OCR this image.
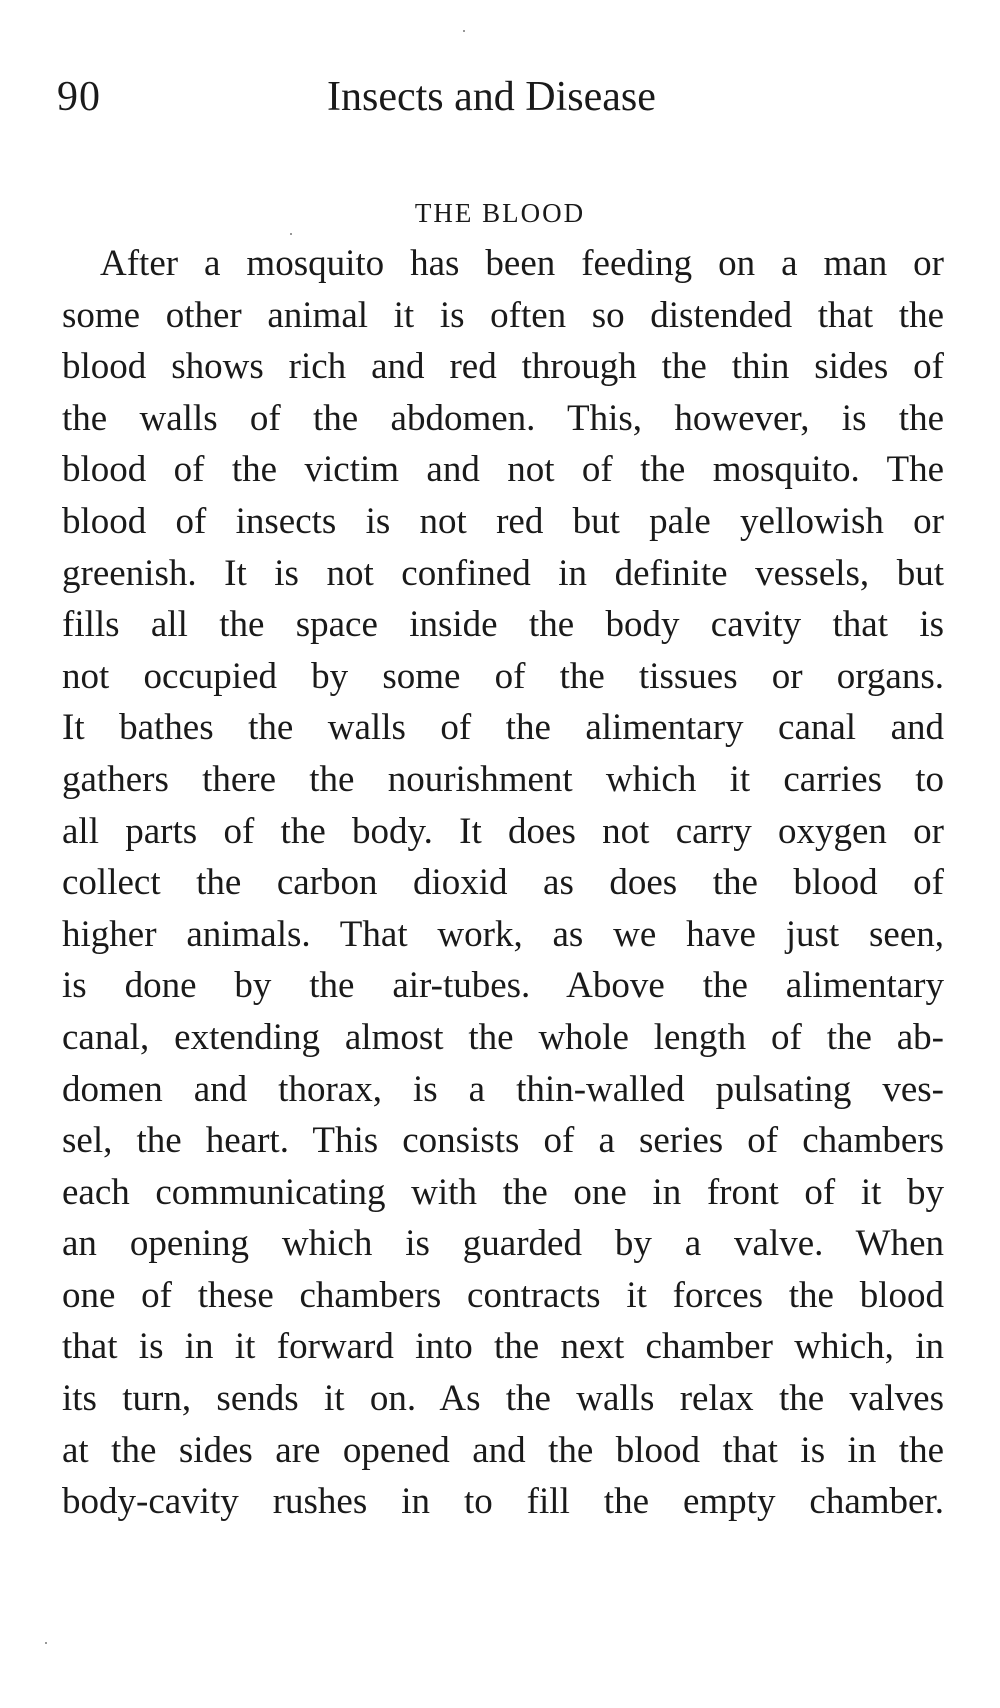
90	Insects and Disease
THE BLOOD
After a mosquito has been feeding on a man or
some other animal it is often so distended that the
blood shows rich and red through the thin sides of
the walls of the abdomen. This, however, is the
blood of the victim and not of the mosquito. The
blood of insects is not red but pale yellowish or
greenish. It is not confined in definite vessels, but
fills all the space inside the body cavity that is
not occupied by some of the tissues or organs.
It bathes the walls of the alimentary canal and
gathers there the nourishment which it carries to
all parts of the body. It does not carry oxygen or
collect the carbon dioxid as does the blood of
higher animals. That work, as we have just seen,
is done by the air-tubes. Above the alimentary
canal, extending almost the whole length of the ab-
domen and thorax, is a thin-walled pulsating ves-
sel, the heart. This consists of a series of chambers
each communicating with the one in front of it by
an opening which is guarded by a valve. When
one of these chambers contracts it forces the blood
that is in it forward into the next chamber which, in
its turn, sends it on. As the walls relax the valves
at the sides are opened and the blood that is in the
body-cavity rushes in to fill the empty chamber.
